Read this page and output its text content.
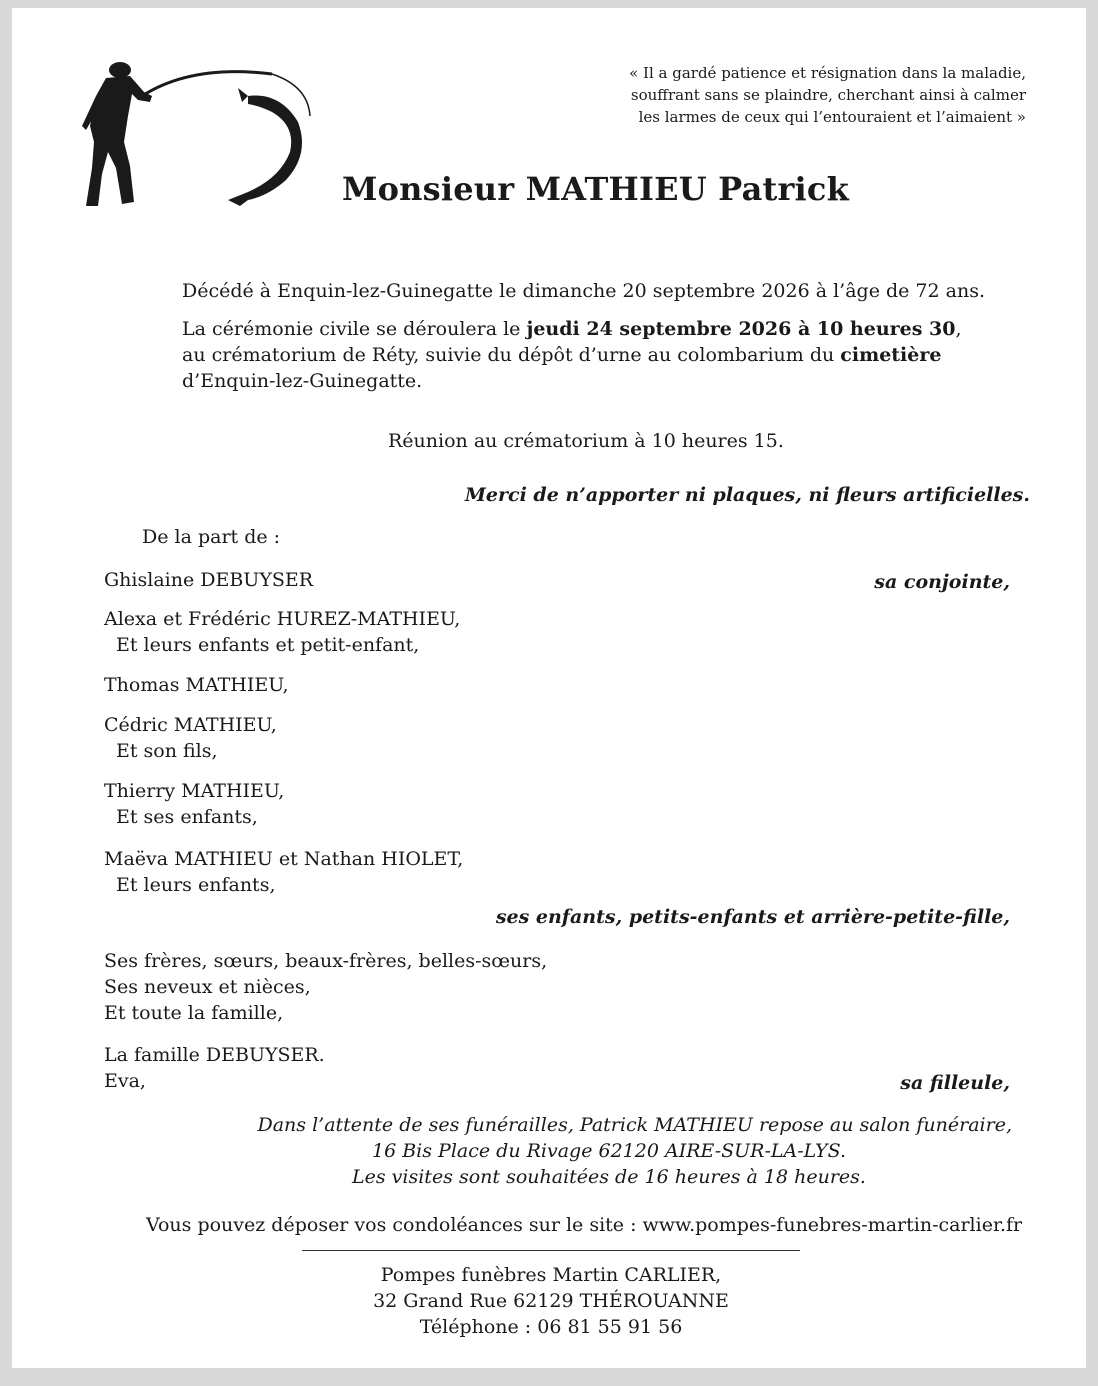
« Il a gardé patience et résignation dans la maladie,
souffrant sans se plaindre, cherchant ainsi à calmer
les larmes de ceux qui l’entouraient et l’aimaient »
Monsieur MATHIEU Patrick
Décédé à Enquin-lez-Guinegatte le dimanche 20 septembre 2026 à l’âge de 72 ans.
La cérémonie civile se déroulera le jeudi 24 septembre 2026 à 10 heures 30,
au crématorium de Réty, suivie du dépôt d’urne au colombarium du cimetière
d’Enquin-lez-Guinegatte.
Réunion au crématorium à 10 heures 15.
Merci de n’apporter ni plaques, ni fleurs artificielles.
De la part de :
Ghislaine DEBUYSER	sa conjointe,
Alexa et Frédéric HUREZ-MATHIEU,
Et leurs enfants et petit-enfant,
Thomas MATHIEU,
Cédric MATHIEU,
Et son fils,
Thierry MATHIEU,
Et ses enfants,
Maëva MATHIEU et Nathan HIOLET,
Et leurs enfants,
ses enfants, petits-enfants et arrière-petite-fille,
Ses frères, sœurs, beaux-frères, belles-sœurs,
Ses neveux et nièces,
Et toute la famille,
La famille DEBUYSER.
Eva,	sa filleule,
Dans l’attente de ses funérailles, Patrick MATHIEU repose au salon funéraire,
16 Bis Place du Rivage 62120 AIRE-SUR-LA-LYS.
Les visites sont souhaitées de 16 heures à 18 heures.
Vous pouvez déposer vos condoléances sur le site : www.pompes-funebres-martin-carlier.fr
Pompes funèbres Martin CARLIER,
32 Grand Rue 62129 THÉROUANNE
Téléphone : 06 81 55 91 56
